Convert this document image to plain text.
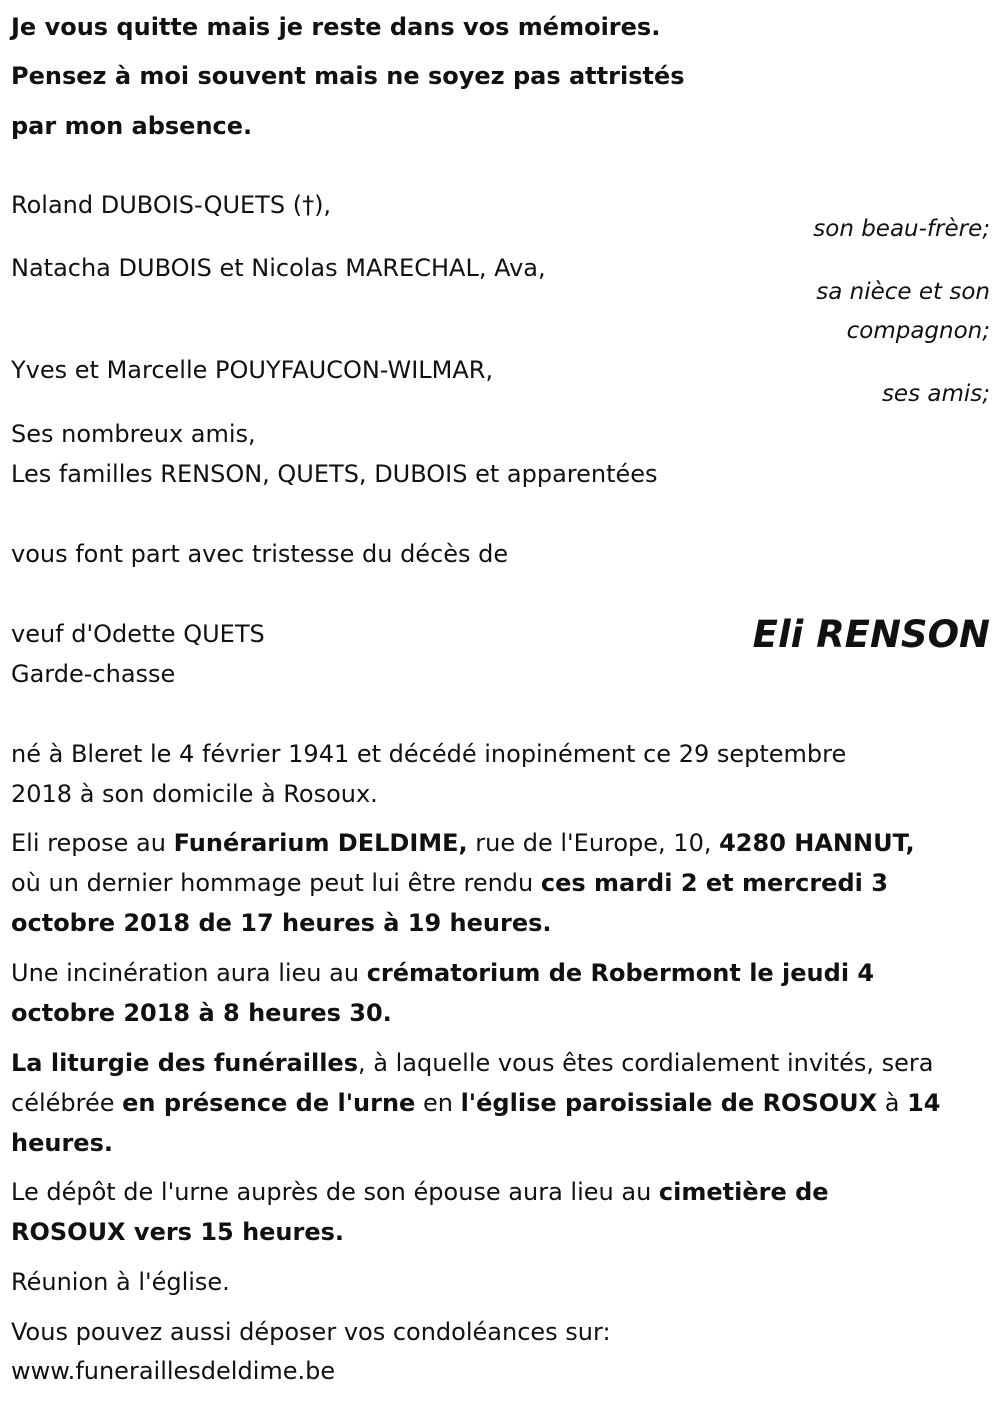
Je vous quitte mais je reste dans vos mémoires.
Pensez à moi souvent mais ne soyez pas attristés
par mon absence.
Roland DUBOIS-QUETS (†),
son beau-frère;
Natacha DUBOIS et Nicolas MARECHAL, Ava,
sa nièce et son
compagnon;
Yves et Marcelle POUYFAUCON-WILMAR,
ses amis;
Ses nombreux amis,
Les familles RENSON, QUETS, DUBOIS et apparentées
vous font part avec tristesse du décès de
veuf d'Odette QUETS
Garde-chasse
Eli RENSON
né à Bleret le 4 février 1941 et décédé inopinément ce 29 septembre
2018 à son domicile à Rosoux.
Eli repose au Funérarium DELDIME, rue de l'Europe, 10, 4280 HANNUT,
où un dernier hommage peut lui être rendu ces mardi 2 et mercredi 3
octobre 2018 de 17 heures à 19 heures.
Une incinération aura lieu au crématorium de Robermont le jeudi 4
octobre 2018 à 8 heures 30.
La liturgie des funérailles, à laquelle vous êtes cordialement invités, sera
célébrée en présence de l'urne en l'église paroissiale de ROSOUX à 14
heures.
Le dépôt de l'urne auprès de son épouse aura lieu au cimetière de
ROSOUX vers 15 heures.
Réunion à l'église.
Vous pouvez aussi déposer vos condoléances sur:
www.funeraillesdeldime.be
